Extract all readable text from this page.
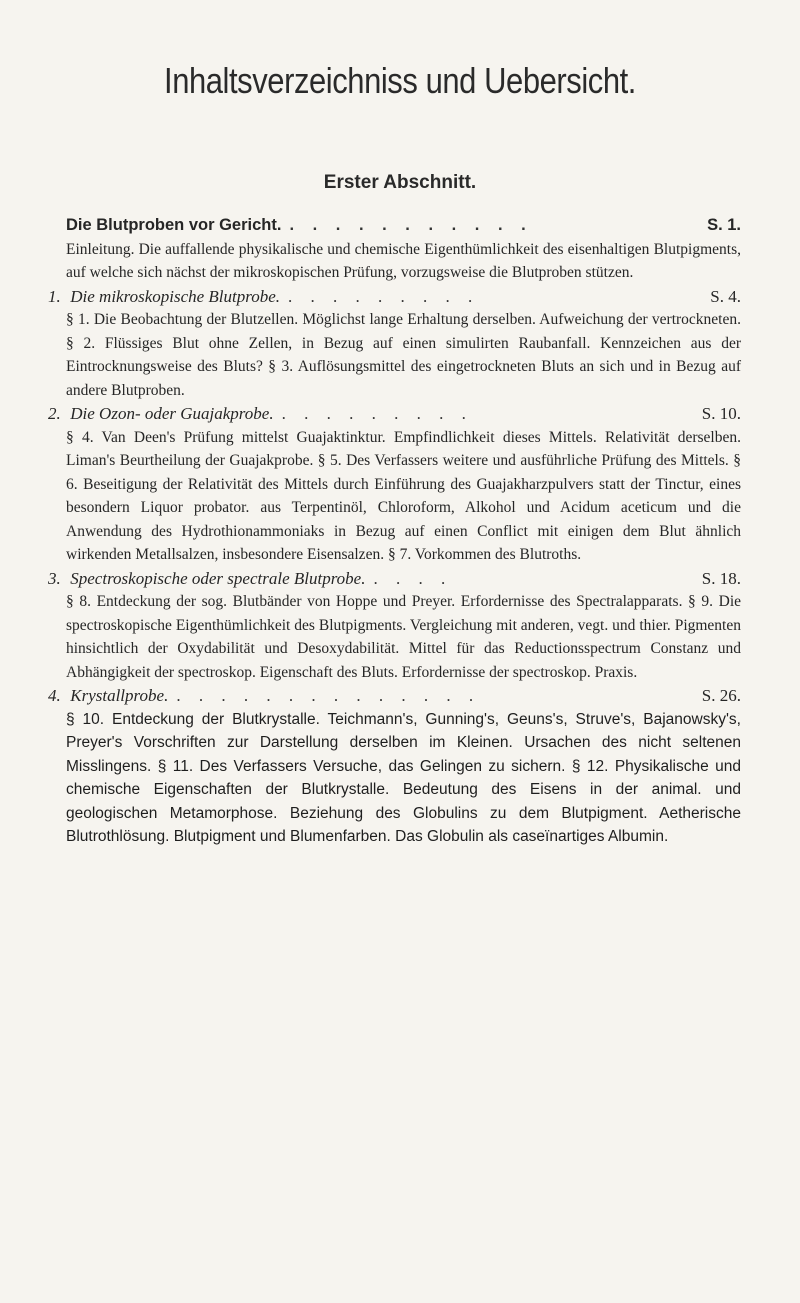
Inhaltsverzeichniss und Uebersicht.
Erster Abschnitt.
Die Blutproben vor Gericht. . . . . . . . . . . .	S. 1.
Einleitung. Die auffallende physikalische und chemische Eigenthümlichkeit des eisenhaltigen Blutpigments, auf welche sich nächst der mikroskopischen Prüfung, vorzugsweise die Blutproben stützen.
1. Die mikroskopische Blutprobe. . . . . . . . . .	S. 4.
§ 1. Die Beobachtung der Blutzellen. Möglichst lange Erhaltung derselben. Aufweichung der vertrockneten. § 2. Flüssiges Blut ohne Zellen, in Bezug auf einen simulirten Raubanfall. Kennzeichen aus der Eintrocknungsweise des Bluts? § 3. Auflösungsmittel des eingetrockneten Bluts an sich und in Bezug auf andere Blutproben.
2. Die Ozon- oder Guajakprobe. . . . . . . . . .	S. 10.
§ 4. Van Deen's Prüfung mittelst Guajaktinktur. Empfindlichkeit dieses Mittels. Relativität derselben. Liman's Beurtheilung der Guajakprobe. § 5. Des Verfassers weitere und ausführliche Prüfung des Mittels. § 6. Beseitigung der Relativität des Mittels durch Einführung des Guajakharzpulvers statt der Tinctur, eines besondern Liquor probator. aus Terpentinöl, Chloroform, Alkohol und Acidum aceticum und die Anwendung des Hydrothionammoniaks in Bezug auf einen Conflict mit einigen dem Blut ähnlich wirkenden Metallsalzen, insbesondere Eisensalzen. § 7. Vorkommen des Blutroths.
3. Spectroskopische oder spectrale Blutprobe. . . . .	S. 18.
§ 8. Entdeckung der sog. Blutbänder von Hoppe und Preyer. Erfordernisse des Spectralapparats. § 9. Die spectroskopische Eigenthümlichkeit des Blutpigments. Vergleichung mit anderen, vegt. und thier. Pigmenten hinsichtlich der Oxydabilität und Desoxydabilität. Mittel für das Reductionsspectrum Constanz und Abhängigkeit der spectroskop. Eigenschaft des Bluts. Erfordernisse der spectroskop. Praxis.
4. Krystallprobe. . . . . . . . . . . . . . .	S. 26.
§ 10. Entdeckung der Blutkrystalle. Teichmann's, Gunning's, Geuns's, Struve's, Bajanowsky's, Preyer's Vorschriften zur Darstellung derselben im Kleinen. Ursachen des nicht seltenen Misslingens. § 11. Des Verfassers Versuche, das Gelingen zu sichern. § 12. Physikalische und chemische Eigenschaften der Blutkrystalle. Bedeutung des Eisens in der animal. und geologischen Metamorphose. Beziehung des Globulins zu dem Blutpigment. Aetherische Blutrothlösung. Blutpigment und Blumenfarben. Das Globulin als caseïnartiges Albumin.
